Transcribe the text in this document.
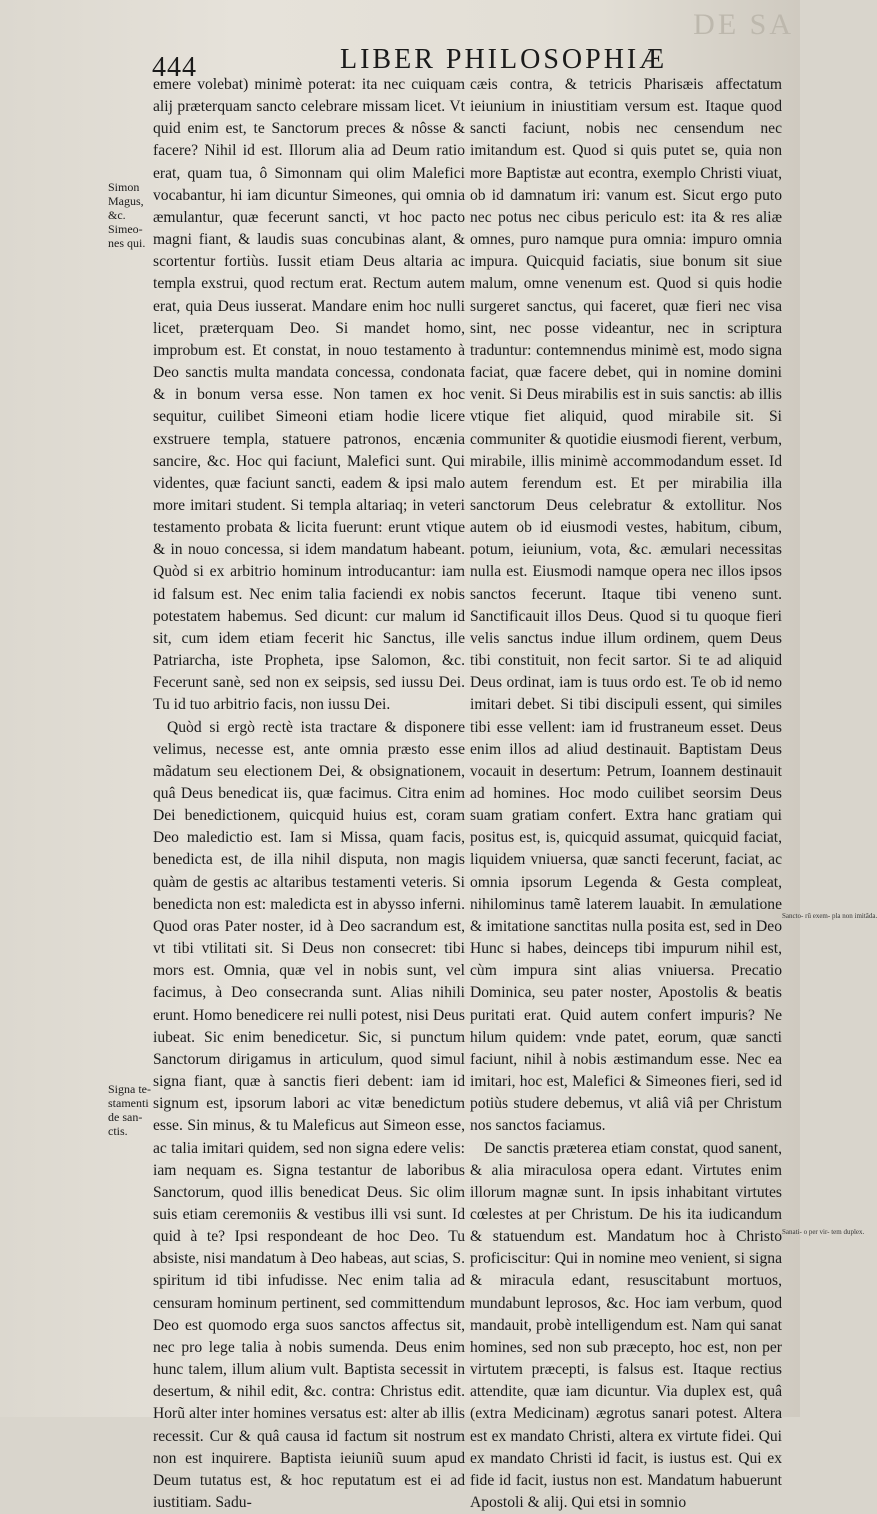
DE SA
444	LIBER PHILOSOPHIÆ
Simon Magus, &c.
Simeo-nes qui.
Signa te-stamenti de san-ctis.
Sancto- rū exem- pla non imitãda.
Sanati- o per vir- tem duplex.

emere volebat) minimè poterat: ita nec cuiquam alij præterquam sancto celebrare missam licet. Vt quid enim est, te Sanctorum preces & nôsse & facere? Nihil id est. Illorum alia ad Deum ratio erat, quam tua, ô Simonnam qui olim Malefici vocabantur, hi iam dicuntur Simeones, qui omnia æmulantur, quæ fecerunt sancti, vt hoc pacto magni fiant, & laudis suas concubinas alant, & scortentur fortiùs. Iussit etiam Deus altaria ac templa exstrui, quod rectum erat. Rectum autem erat, quia Deus iusserat. Mandare enim hoc nulli licet, præterquam Deo. Si mandet homo, improbum est. Et constat, in nouo testamento à Deo sanctis multa mandata concessa, condonata & in bonum versa esse. Non tamen ex hoc sequitur, cuilibet Simeoni etiam hodie licere exstruere templa, statuere patronos, encænia sancire, &c. Hoc qui faciunt, Malefici sunt. Qui videntes, quæ faciunt sancti, eadem & ipsi malo more imitari student. Si templa altariaq; in veteri testamento probata & licita fuerunt: erunt vtique & in nouo concessa, si idem mandatum habeant. Quòd si ex arbitrio hominum introducantur: iam id falsum est. Nec enim talia faciendi ex nobis potestatem habemus. Sed dicunt: cur malum id sit, cum idem etiam fecerit hic Sanctus, ille Patriarcha, iste Propheta, ipse Salomon, &c. Fecerunt sanè, sed non ex seipsis, sed iussu Dei. Tu id tuo arbitrio facis, non iussu Dei.

Quòd si ergò rectè ista tractare & disponere velimus, necesse est, ante omnia præsto esse mãdatum seu electionem Dei, & obsignationem, quâ Deus benedicat iis, quæ facimus. Citra enim Dei benedictionem, quicquid huius est, coram Deo maledictio est. Iam si Missa, quam facis, benedicta est, de illa nihil disputa, non magis quàm de gestis ac altaribus testamenti veteris. Si benedicta non est: maledicta est in abysso inferni. Quod oras Pater noster, id à Deo sacrandum est, vt tibi vtilitati sit. Si Deus non consecret: tibi mors est. Omnia, quæ vel in nobis sunt, vel facimus, à Deo consecranda sunt. Alias nihili erunt. Homo benedicere rei nulli potest, nisi Deus iubeat. Sic enim benedicetur. Sic, si punctum Sanctorum dirigamus in articulum, quod simul signa fiant, quæ à sanctis fieri debent: iam id signum est, ipsorum labori ac vitæ benedictum esse. Sin minus, & tu Maleficus aut Simeon esse, ac talia imitari quidem, sed non signa edere velis: iam nequam es. Signa testantur de laboribus Sanctorum, quod illis benedicat Deus. Sic olim suis etiam ceremoniis & vestibus illi vsi sunt. Id quid à te? Ipsi respondeant de hoc Deo. Tu absiste, nisi mandatum à Deo habeas, aut scias, S. spiritum id tibi infudisse. Nec enim talia ad censuram hominum pertinent, sed committendum Deo est quomodo erga suos sanctos affectus sit, nec pro lege talia à nobis sumenda. Deus enim hunc talem, illum alium vult. Baptista secessit in desertum, & nihil edit, &c. contra: Christus edit. Horũ alter inter homines versatus est: alter ab illis recessit. Cur & quâ causa id factum sit nostrum non est inquirere. Baptista ieiuniũ suum apud Deum tutatus est, & hoc reputatum est ei ad iustitiam. Sadu-

cæis contra, & tetricis Pharisæis affectatum ieiunium in iniustitiam versum est. Itaque quod sancti faciunt, nobis nec censendum nec imitandum est. Quod si quis putet se, quia non more Baptistæ aut econtra, exemplo Christi viuat, ob id damnatum iri: vanum est. Sicut ergo puto nec potus nec cibus periculo est: ita & res aliæ omnes, puro namque pura omnia: impuro omnia impura. Quicquid faciatis, siue bonum sit siue malum, omne venenum est. Quod si quis hodie surgeret sanctus, qui faceret, quæ fieri nec visa sint, nec posse videantur, nec in scriptura traduntur: contemnendus minimè est, modo signa faciat, quæ facere debet, qui in nomine domini venit. Si Deus mirabilis est in suis sanctis: ab illis vtique fiet aliquid, quod mirabile sit. Si communiter & quotidie eiusmodi fierent, verbum, mirabile, illis minimè accommodandum esset. Id autem ferendum est. Et per mirabilia illa sanctorum Deus celebratur & extollitur. Nos autem ob id eiusmodi vestes, habitum, cibum, potum, ieiunium, vota, &c. æmulari necessitas nulla est. Eiusmodi namque opera nec illos ipsos sanctos fecerunt. Itaque tibi veneno sunt. Sanctificauit illos Deus. Quod si tu quoque fieri velis sanctus indue illum ordinem, quem Deus tibi constituit, non fecit sartor. Si te ad aliquid Deus ordinat, iam is tuus ordo est. Te ob id nemo imitari debet. Si tibi discipuli essent, qui similes tibi esse vellent: iam id frustraneum esset. Deus enim illos ad aliud destinauit. Baptistam Deus vocauit in desertum: Petrum, Ioannem destinauit ad homines. Hoc modo cuilibet seorsim Deus suam gratiam confert. Extra hanc gratiam qui positus est, is, quicquid assumat, quicquid faciat, liquidem vniuersa, quæ sancti fecerunt, faciat, ac omnia ipsorum Legenda & Gesta compleat, nihilominus tamẽ laterem lauabit. In æmulatione & imitatione sanctitas nulla posita est, sed in Deo Hunc si habes, deinceps tibi impurum nihil est, cùm impura sint alias vniuersa. Precatio Dominica, seu pater noster, Apostolis & beatis puritati erat. Quid autem confert impuris? Ne hilum quidem: vnde patet, eorum, quæ sancti faciunt, nihil à nobis æstimandum esse. Nec ea imitari, hoc est, Malefici & Simeones fieri, sed id potiùs studere debemus, vt aliâ viâ per Christum nos sanctos faciamus.

De sanctis præterea etiam constat, quod sanent, & alia miraculosa opera edant. Virtutes enim illorum magnæ sunt. In ipsis inhabitant virtutes cœlestes at per Christum. De his ita iudicandum & statuendum est. Mandatum hoc à Christo proficiscitur: Qui in nomine meo venient, si signa & miracula edant, resuscitabunt mortuos, mundabunt leprosos, &c. Hoc iam verbum, quod mandauit, probè intelligendum est. Nam qui sanat homines, sed non sub præcepto, hoc est, non per virtutem præcepti, is falsus est. Itaque rectius attendite, quæ iam dicuntur. Via duplex est, quâ (extra Medicinam) ægrotus sanari potest. Altera est ex mandato Christi, altera ex virtute fidei. Qui ex mandato Christi id facit, is iustus est. Qui ex fide id facit, iustus non est. Mandatum habuerunt Apostoli & alij. Qui etsi in somnio
